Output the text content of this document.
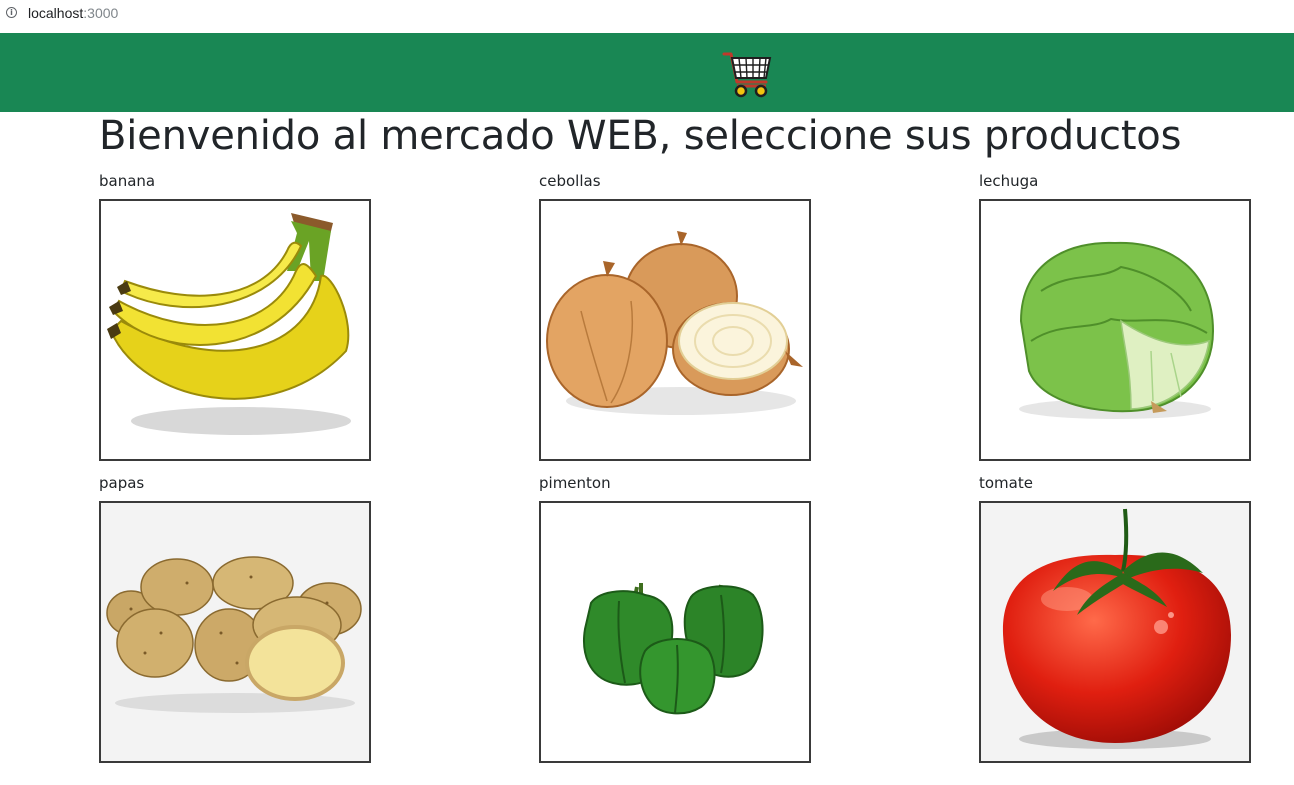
i localhost:3000
Bienvenido al mercado WEB, seleccione sus productos
banana	cebollas	lechuga
papas	pimenton	tomate
